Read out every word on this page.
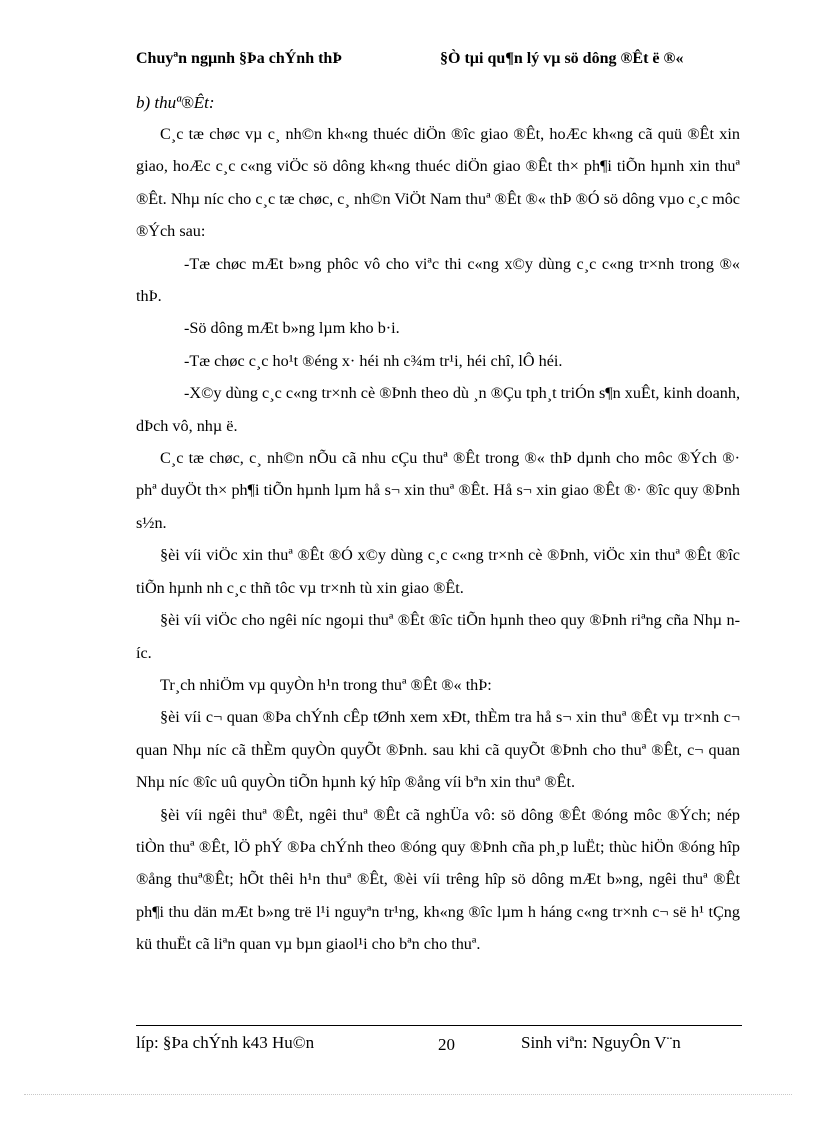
Chuyªn ngµnh §Þa chÝnh thÞ	§Ò tµi qu¶n lý vµ sö dông ®Êt ë ®«
b) thuª®Êt:

C¸c tæ chøc vµ c¸ nh©n kh«ng thuéc diÖn ®îc giao ®Êt, hoÆc kh«ng cã quü ®Êt xin giao, hoÆc c¸c c«ng viÖc sö dông kh«ng thuéc diÖn giao ®Êt th× ph¶i tiÕn hµnh xin thuª ®Êt. Nhµ níc cho c¸c tæ chøc, c¸ nh©n ViÖt Nam thuª ®Êt ®« thÞ ®Ó sö dông vµo c¸c môc ®Ých sau:

-Tæ chøc mÆt b»ng phôc vô cho viªc thi c«ng x©y dùng c¸c c«ng tr×nh trong ®« thÞ.

-Sö dông mÆt b»ng lµm kho b·i.

-Tæ chøc c¸c ho¹t ®éng x· héi nh c¾m tr¹i, héi chî, lÔ héi.

-X©y dùng c¸c c«ng tr×nh cè ®Þnh theo dù ¸n ®Çu tph¸t triÓn s¶n xuÊt, kinh doanh, dÞch vô, nhµ ë.

C¸c tæ chøc, c¸ nh©n nÕu cã nhu cÇu thuª ®Êt trong ®« thÞ dµnh cho môc ®Ých ®· phª duyÖt th× ph¶i tiÕn hµnh lµm hå s¬ xin thuª ®Êt. Hå s¬ xin giao ®Êt ®· ®îc quy ®Þnh s½n.

§èi víi viÖc xin thuª ®Êt ®Ó x©y dùng c¸c c«ng tr×nh cè ®Þnh, viÖc xin thuª ®Êt ®îc tiÕn hµnh nh c¸c thñ tôc vµ tr×nh tù xin giao ®Êt.

§èi víi viÖc cho ngêi níc ngoµi thuª ®Êt ®îc tiÕn hµnh theo quy ®Þnh riªng cña Nhµ níc.

Tr¸ch nhiÖm vµ quyÒn h¹n trong thuª ®Êt ®« thÞ:

§èi víi c¬ quan ®Þa chÝnh cÊp tØnh xem xÐt, thÈm tra hå s¬ xin thuª ®Êt vµ tr×nh c¬ quan Nhµ níc cã thÈm quyÒn quyÕt ®Þnh. sau khi cã quyÕt ®Þnh cho thuª ®Êt, c¬ quan Nhµ níc ®îc uû quyÒn tiÕn hµnh ký hîp ®ång víi bªn xin thuª ®Êt.

§èi víi ngêi thuª ®Êt, ngêi thuª ®Êt cã nghÜa vô: sö dông ®Êt ®óng môc ®Ých; nép tiÒn thuª ®Êt, lÖ phÝ ®Þa chÝnh theo ®óng quy ®Þnh cña ph¸p luËt; thùc hiÖn ®óng hîp ®ång thuª®Êt; hÕt thêi h¹n thuª ®Êt, ®èi víi trêng hîp sö dông mÆt b»ng, ngêi thuª ®Êt ph¶i thu dän mÆt b»ng trë l¹i nguyªn tr¹ng, kh«ng ®îc lµm h háng c«ng tr×nh c¬ së h¹ tÇng kü thuËt cã liªn quan vµ bµn giaol¹i cho bªn cho thuª.

líp: §Þa chÝnh k43 Hu©n	20	Sinh viªn: NguyÔn V¨n
